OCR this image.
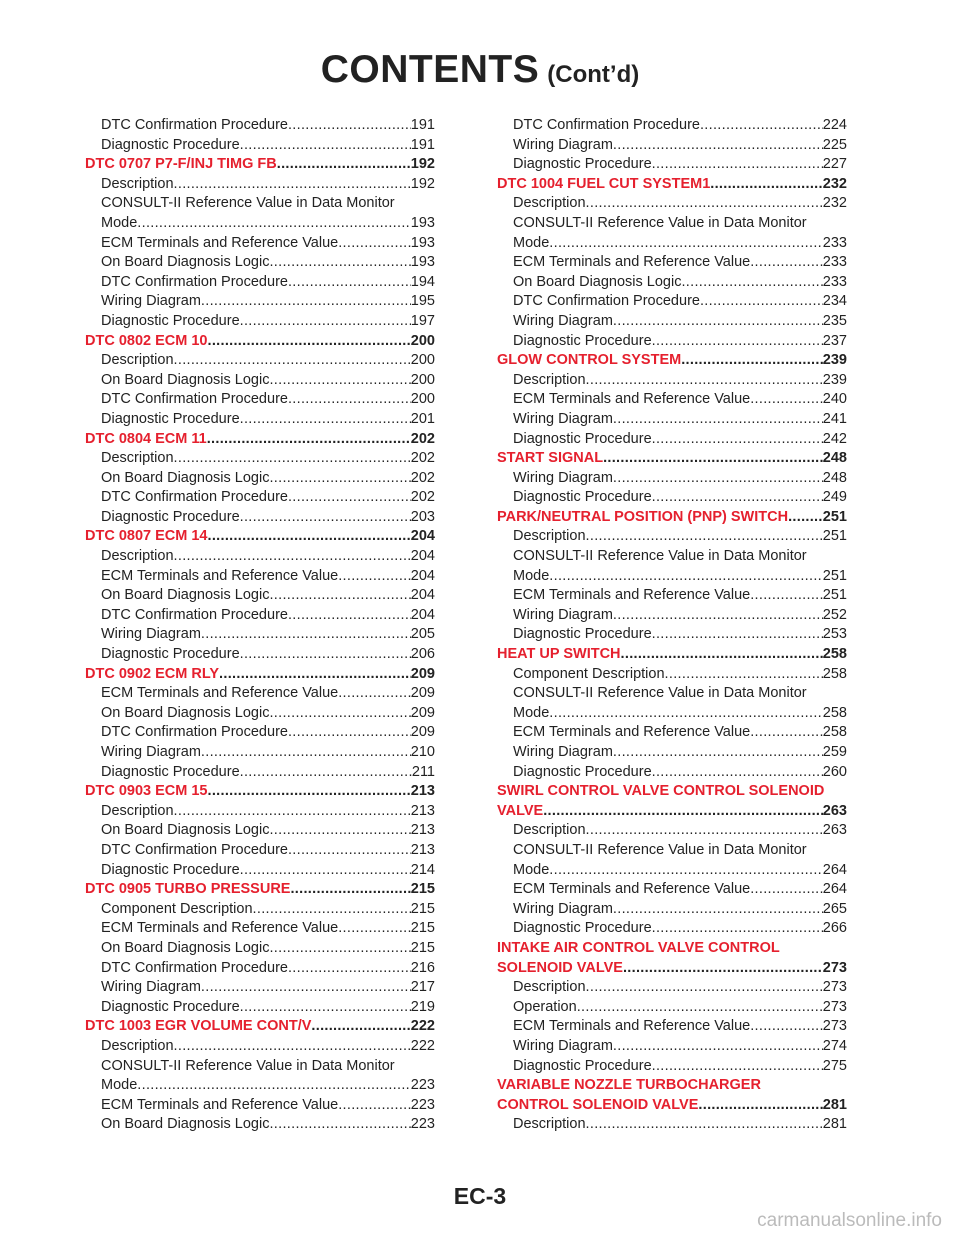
CONTENTS (Cont’d)
DTC Confirmation Procedure .....	191
Diagnostic Procedure .....	191
DTC 0707 P7-F/INJ TIMG FB .....	192
Description .....	192
CONSULT-II Reference Value in Data Monitor
Mode .....	193
ECM Terminals and Reference Value .....	193
On Board Diagnosis Logic .....	193
DTC Confirmation Procedure .....	194
Wiring Diagram .....	195
Diagnostic Procedure .....	197
DTC 0802 ECM 10 .....	200
Description .....	200
On Board Diagnosis Logic .....	200
DTC Confirmation Procedure .....	200
Diagnostic Procedure .....	201
DTC 0804 ECM 11 .....	202
Description .....	202
On Board Diagnosis Logic .....	202
DTC Confirmation Procedure .....	202
Diagnostic Procedure .....	203
DTC 0807 ECM 14 .....	204
Description .....	204
ECM Terminals and Reference Value .....	204
On Board Diagnosis Logic .....	204
DTC Confirmation Procedure .....	204
Wiring Diagram .....	205
Diagnostic Procedure .....	206
DTC 0902 ECM RLY .....	209
ECM Terminals and Reference Value .....	209
On Board Diagnosis Logic .....	209
DTC Confirmation Procedure .....	209
Wiring Diagram .....	210
Diagnostic Procedure .....	211
DTC 0903 ECM 15 .....	213
Description .....	213
On Board Diagnosis Logic .....	213
DTC Confirmation Procedure .....	213
Diagnostic Procedure .....	214
DTC 0905 TURBO PRESSURE .....	215
Component Description .....	215
ECM Terminals and Reference Value .....	215
On Board Diagnosis Logic .....	215
DTC Confirmation Procedure .....	216
Wiring Diagram .....	217
Diagnostic Procedure .....	219
DTC 1003 EGR VOLUME CONT/V .....	222
Description .....	222
CONSULT-II Reference Value in Data Monitor
Mode .....	223
ECM Terminals and Reference Value .....	223
On Board Diagnosis Logic .....	223
DTC Confirmation Procedure .....	224
Wiring Diagram .....	225
Diagnostic Procedure .....	227
DTC 1004 FUEL CUT SYSTEM1 .....	232
Description .....	232
CONSULT-II Reference Value in Data Monitor
Mode .....	233
ECM Terminals and Reference Value .....	233
On Board Diagnosis Logic .....	233
DTC Confirmation Procedure .....	234
Wiring Diagram .....	235
Diagnostic Procedure .....	237
GLOW CONTROL SYSTEM .....	239
Description .....	239
ECM Terminals and Reference Value .....	240
Wiring Diagram .....	241
Diagnostic Procedure .....	242
START SIGNAL .....	248
Wiring Diagram .....	248
Diagnostic Procedure .....	249
PARK/NEUTRAL POSITION (PNP) SWITCH ..... 251
Description .....	251
CONSULT-II Reference Value in Data Monitor
Mode .....	251
ECM Terminals and Reference Value .....	251
Wiring Diagram .....	252
Diagnostic Procedure .....	253
HEAT UP SWITCH .....	258
Component Description .....	258
CONSULT-II Reference Value in Data Monitor
Mode .....	258
ECM Terminals and Reference Value .....	258
Wiring Diagram .....	259
Diagnostic Procedure .....	260
SWIRL CONTROL VALVE CONTROL SOLENOID
VALVE .....	263
Description .....	263
CONSULT-II Reference Value in Data Monitor
Mode .....	264
ECM Terminals and Reference Value .....	264
Wiring Diagram .....	265
Diagnostic Procedure .....	266
INTAKE AIR CONTROL VALVE CONTROL
SOLENOID VALVE .....	273
Description .....	273
Operation .....	273
ECM Terminals and Reference Value .....	273
Wiring Diagram .....	274
Diagnostic Procedure .....	275
VARIABLE NOZZLE TURBOCHARGER
CONTROL SOLENOID VALVE .....	281
Description .....	281
EC-3
carmanualsonline.info
